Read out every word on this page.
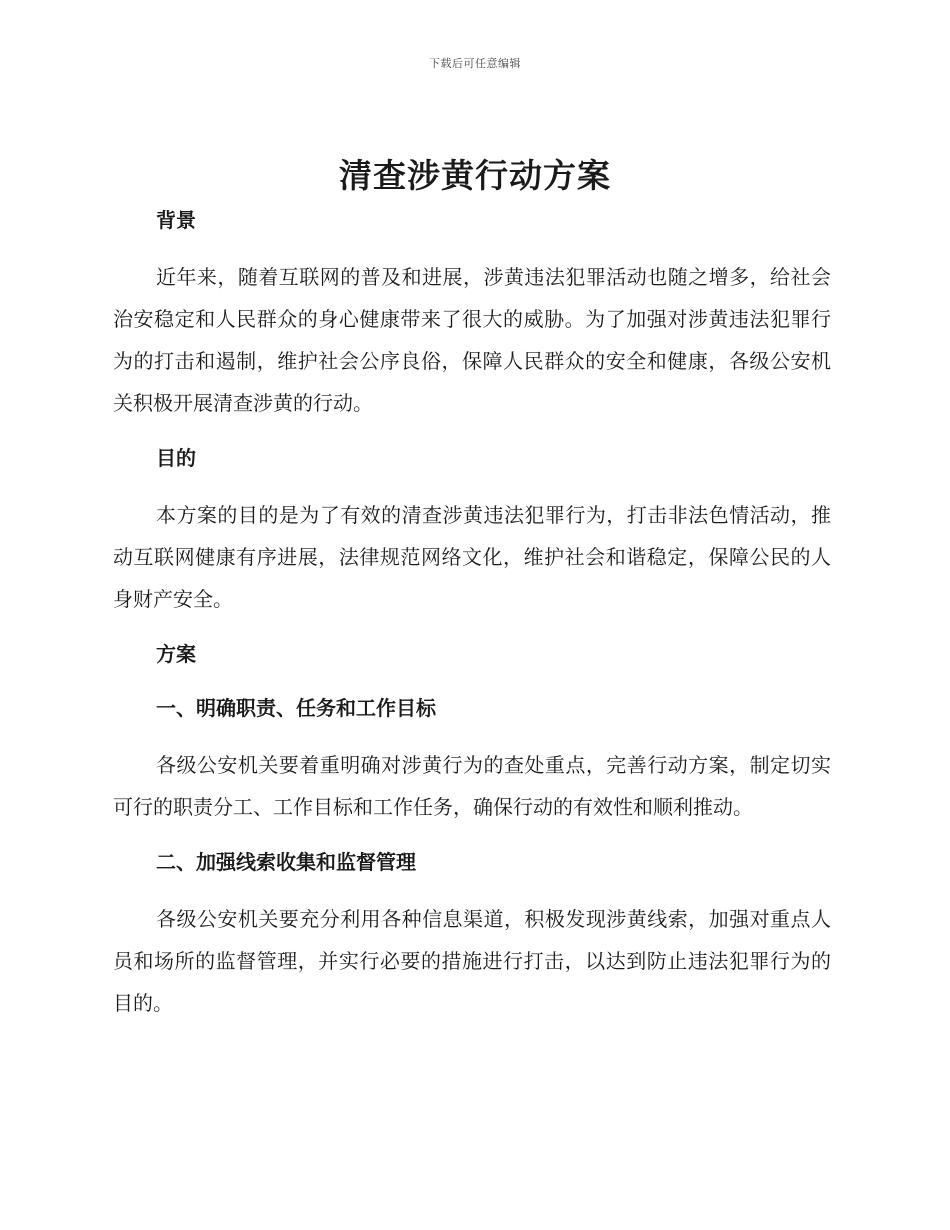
下载后可任意编辑
清查涉黄行动方案
背景

近年来，随着互联网的普及和进展，涉黄违法犯罪活动也随之增多，给社会治安稳定和人民群众的身心健康带来了很大的威胁。为了加强对涉黄违法犯罪行为的打击和遏制，维护社会公序良俗，保障人民群众的安全和健康，各级公安机关积极开展清查涉黄的行动。

目的

本方案的目的是为了有效的清查涉黄违法犯罪行为，打击非法色情活动，推动互联网健康有序进展，法律规范网络文化，维护社会和谐稳定，保障公民的人身财产安全。

方案
一、明确职责、任务和工作目标

各级公安机关要着重明确对涉黄行为的查处重点，完善行动方案，制定切实可行的职责分工、工作目标和工作任务，确保行动的有效性和顺利推动。

二、加强线索收集和监督管理

各级公安机关要充分利用各种信息渠道，积极发现涉黄线索，加强对重点人员和场所的监督管理，并实行必要的措施进行打击，以达到防止违法犯罪行为的目的。
